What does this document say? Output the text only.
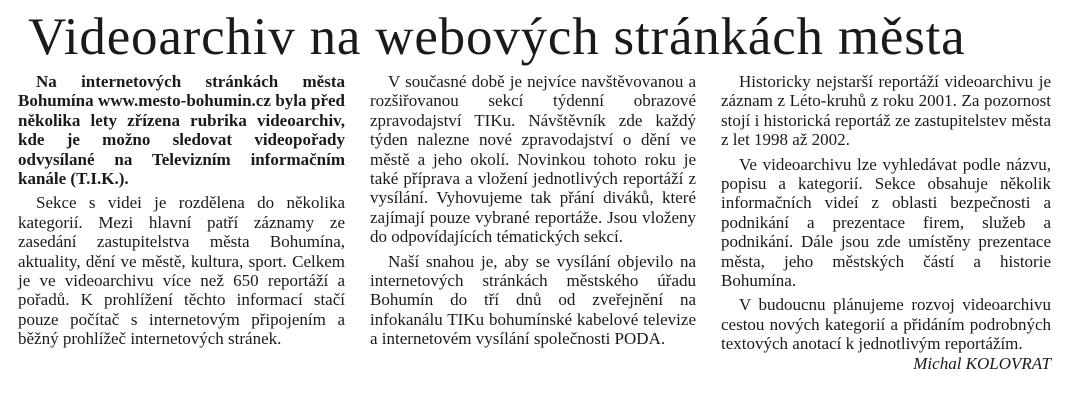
Videoarchiv na webových stránkách města

Na internetových stránkách města Bohumína www.mesto-bohumin.cz byla před několika lety zřízena rubrika videoarchiv, kde je možno sledovat videopořady odvysílané na Televizním informačním kanále (T.I.K.).

Sekce s videi je rozdělena do několika kategorií. Mezi hlavní patří záznamy ze zasedání zastupitelstva města Bohumína, aktuality, dění ve městě, kultura, sport. Celkem je ve videoarchivu více než 650 reportáží a pořadů. K prohlížení těchto informací stačí pouze počítač s internetovým připojením a běžný prohlížeč internetových stránek.

V současné době je nejvíce navštěvovanou a rozšiřovanou sekcí týdenní obrazové zpravodajství TIKu. Návštěvník zde každý týden nalezne nové zpravodajství o dění ve městě a jeho okolí. Novinkou tohoto roku je také příprava a vložení jednotlivých reportáží z vysílání. Vyhovujeme tak přání diváků, které zajímají pouze vybrané reportáže. Jsou vloženy do odpovídajících tématických sekcí.

Naší snahou je, aby se vysílání objevilo na internetových stránkách městského úřadu Bohumín do tří dnů od zveřejnění na infokanálu TIKu bohumínské kabelové televize a internetovém vysílání společnosti PODA.

Historicky nejstarší reportáží videoarchivu je záznam z Léto-kruhů z roku 2001. Za pozornost stojí i historická reportáž ze zastupitelstev města z let 1998 až 2002.

Ve videoarchivu lze vyhledávat podle názvu, popisu a kategorií. Sekce obsahuje několik informačních videí z oblasti bezpečnosti a podnikání a prezentace firem, služeb a podnikání. Dále jsou zde umístěny prezentace města, jeho městských částí a historie Bohumína.

V budoucnu plánujeme rozvoj videoarchivu cestou nových kategorií a přidáním podrobných textových anotací k jednotlivým reportážím.
Michal KOLOVRAT
